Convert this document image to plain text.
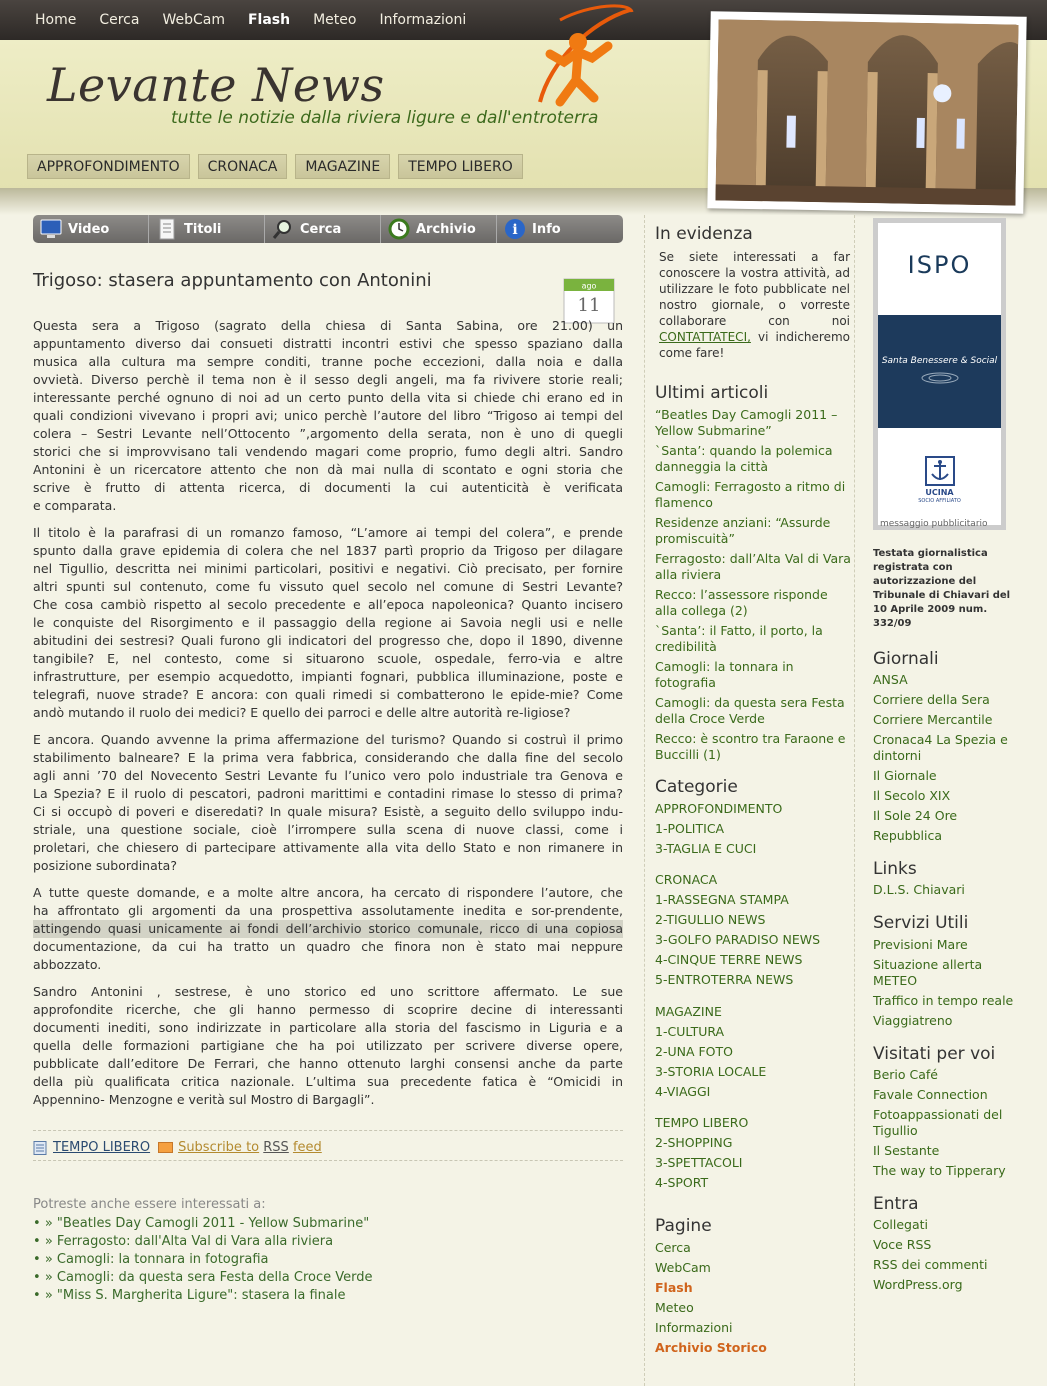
Home Cerca WebCam Flash Meteo Informazioni
Levante News
tutte le notizie dalla riviera ligure e dall'entroterra
APPROFONDIMENTO	CRONACA	MAGAZINE	TEMPO LIBERO
Video	Titoli	Cerca	Archivio	i Info
Trigoso: stasera appuntamento con Antonini	ago
11

Questa sera a Trigoso (sagrato della chiesa di Santa Sabina, ore 21.00) un
appuntamento diverso dai consueti distratti incontri estivi che spesso spaziano dalla
musica alla cultura ma sempre conditi, tranne poche eccezioni, dalla noia e dalla
ovvietà. Diverso perchè il tema non è il sesso degli angeli, ma fa rivivere storie reali;
interessante perché ognuno di noi ad un certo punto della vita si chiede chi erano ed in
quali condizioni vivevano i propri avi; unico perchè l’autore del libro “Trigoso ai tempi del
colera – Sestri Levante nell’Ottocento ”,argomento della serata, non è uno di quegli
storici che si improvvisano tali vendendo magari come proprio, fumo degli altri. Sandro
Antonini è un ricercatore attento che non dà mai nulla di scontato e ogni storia che
scrive è frutto di attenta ricerca, di documenti la cui autenticità è verificata
e comparata.

Il titolo è la parafrasi di un romanzo famoso, “L’amore ai tempi del colera”, e prende
spunto dalla grave epidemia di colera che nel 1837 partì proprio da Trigoso per dilagare
nel Tigullio, descritta nei minimi particolari, positivi e negativi. Ciò precisato, per fornire
altri spunti sul contenuto, come fu vissuto quel secolo nel comune di Sestri Levante?
Che cosa cambiò rispetto al secolo precedente e all’epoca napoleonica? Quanto incisero
le conquiste del Risorgimento e il passaggio della regione ai Savoia negli usi e nelle
abitudini dei sestresi? Quali furono gli indicatori del progresso che, dopo il 1890, divenne
tangibile? E, nel contesto, come si situarono scuole, ospedale, ferro-via e altre
infrastrutture, per esempio acquedotto, impianti fognari, pubblica illuminazione, poste e
telegrafi, nuove strade? E ancora: con quali rimedi si combatterono le epide-mie? Come
andò mutando il ruolo dei medici? E quello dei parroci e delle altre autorità re-ligiose?

E ancora. Quando avvenne la prima affermazione del turismo? Quando si costruì il primo
stabilimento balneare? E la prima vera fabbrica, considerando che dalla fine del secolo
agli anni ’70 del Novecento Sestri Levante fu l’unico vero polo industriale tra Genova e
La Spezia? E il ruolo di pescatori, padroni marittimi e contadini rimase lo stesso di prima?
Ci si occupò di poveri e diseredati? In quale misura? Esistè, a seguito dello sviluppo indu-
striale, una questione sociale, cioè l’irrompere sulla scena di nuove classi, come i
proletari, che chiesero di partecipare attivamente alla vita dello Stato e non rimanere in
posizione subordinata?

A tutte queste domande, e a molte altre ancora, ha cercato di rispondere l’autore, che
ha affrontato gli argomenti da una prospettiva assolutamente inedita e sor-prendente,
attingendo quasi unicamente ai fondi dell’archivio storico comunale, ricco di una copiosa
documentazione, da cui ha tratto un quadro che finora non è stato mai neppure
abbozzato.

Sandro Antonini , sestrese, è uno storico ed uno scrittore affermato. Le sue
approfondite ricerche, che gli hanno permesso di scoprire decine di interessanti
documenti inediti, sono indirizzate in particolare alla storia del fascismo in Liguria e a
quella delle formazioni partigiane che ha poi utilizzato per scrivere diverse opere,
pubblicate dall’editore De Ferrari, che hanno ottenuto larghi consensi anche da parte
della più qualificata critica nazionale. L’ultima sua precedente fatica è “Omicidi in
Appennino- Menzogne e verità sul Mostro di Bargagli”.

TEMPO LIBERO Subscribe to
RSS
feed
Potreste anche essere interessati a:
• » "Beatles Day Camogli 2011 - Yellow Submarine"
• » Ferragosto: dall'Alta Val di Vara alla riviera
• » Camogli: la tonnara in fotografia
• » Camogli: da questa sera Festa della Croce Verde
• » "Miss S. Margherita Ligure": stasera la finale
In evidenza
Se siete interessati a far conoscere la vostra attività, ad utilizzare le foto pubblicate nel nostro giornale, o vorreste collaborare con noi CONTATTATECI, vi indicheremo come fare!
Ultimi articoli
“Beatles Day Camogli 2011 – Yellow Submarine”
`Santa’: quando la polemica danneggia la città
Camogli: Ferragosto a ritmo di flamenco
Residenze anziani: “Assurde promiscuità”
Ferragosto: dall’Alta Val di Vara alla riviera
Recco: l’assessore risponde alla collega (2)
`Santa’: il Fatto, il porto, la credibilità
Camogli: la tonnara in fotografia
Camogli: da questa sera Festa della Croce Verde
Recco: è scontro tra Faraone e Buccilli (1)
Categorie
APPROFONDIMENTO
1-POLITICA
3-TAGLIA E CUCI
CRONACA
1-RASSEGNA STAMPA
2-TIGULLIO NEWS
3-GOLFO PARADISO NEWS
4-CINQUE TERRE NEWS
5-ENTROTERRA NEWS
MAGAZINE
1-CULTURA
2-UNA FOTO
3-STORIA LOCALE
4-VIAGGI
TEMPO LIBERO
2-SHOPPING
3-SPETTACOLI
4-SPORT
Pagine
Cerca
WebCam
Flash
Meteo
Informazioni
Archivio Storico
ISPO
Santa Benessere & Social
UCINA
SOCIO AFFILIATO
messaggio pubblicitario
Testata giornalistica registrata con autorizzazione del Tribunale di Chiavari del 10 Aprile 2009 num. 332/09
Giornali
ANSA
Corriere della Sera
Corriere Mercantile
Cronaca4 La Spezia e dintorni
Il Giornale
Il Secolo XIX
Il Sole 24 Ore
Repubblica
Links
D.L.S. Chiavari
Servizi Utili
Previsioni Mare
Situazione allerta METEO
Traffico in tempo reale
Viaggiatreno
Visitati per voi
Berio Café
Favale Connection
Fotoappassionati del Tigullio
Il Sestante
The way to Tipperary
Entra
Collegati
Voce RSS
RSS dei commenti
WordPress.org
